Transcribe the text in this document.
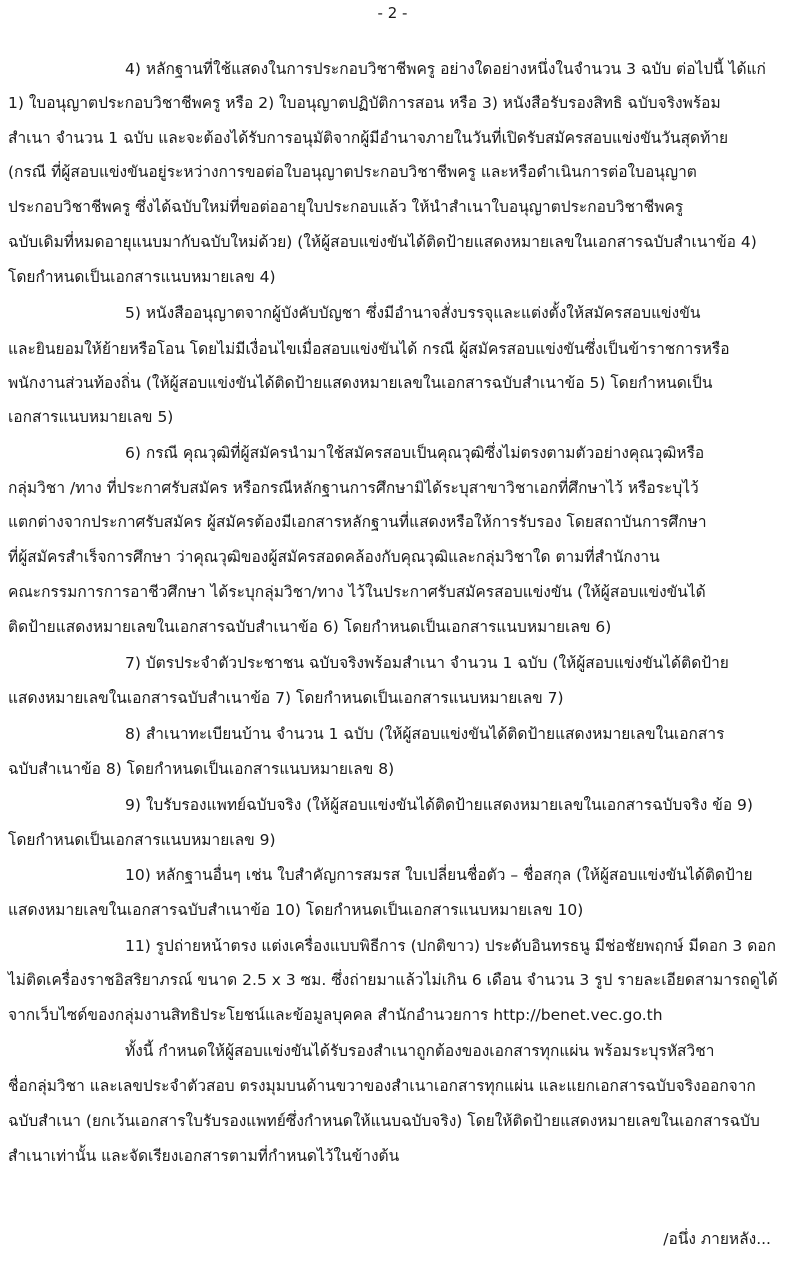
- 2 -
4) หลักฐานที่ใช้แสดงในการประกอบวิชาชีพครู อย่างใดอย่างหนึ่งในจำนวน 3 ฉบับ ต่อไปนี้ ได้แก่
1) ใบอนุญาตประกอบวิชาชีพครู หรือ 2) ใบอนุญาตปฏิบัติการสอน หรือ 3) หนังสือรับรองสิทธิ ฉบับจริงพร้อม
สำเนา จำนวน 1 ฉบับ และจะต้องได้รับการอนุมัติจากผู้มีอำนาจภายในวันที่เปิดรับสมัครสอบแข่งขันวันสุดท้าย
(กรณี ที่ผู้สอบแข่งขันอยู่ระหว่างการขอต่อใบอนุญาตประกอบวิชาชีพครู และหรือดำเนินการต่อใบอนุญาต
ประกอบวิชาชีพครู ซึ่งได้ฉบับใหม่ที่ขอต่ออายุใบประกอบแล้ว ให้นำสำเนาใบอนุญาตประกอบวิชาชีพครู
ฉบับเดิมที่หมดอายุแนบมากับฉบับใหม่ด้วย) (ให้ผู้สอบแข่งขันได้ติดป้ายแสดงหมายเลขในเอกสารฉบับสำเนาข้อ 4)
โดยกำหนดเป็นเอกสารแนบหมายเลข 4)
5) หนังสืออนุญาตจากผู้บังคับบัญชา ซึ่งมีอำนาจสั่งบรรจุและแต่งตั้งให้สมัครสอบแข่งขัน
และยินยอมให้ย้ายหรือโอน โดยไม่มีเงื่อนไขเมื่อสอบแข่งขันได้ กรณี ผู้สมัครสอบแข่งขันซึ่งเป็นข้าราชการหรือ
พนักงานส่วนท้องถิ่น (ให้ผู้สอบแข่งขันได้ติดป้ายแสดงหมายเลขในเอกสารฉบับสำเนาข้อ 5) โดยกำหนดเป็น
เอกสารแนบหมายเลข 5)
6) กรณี คุณวุฒิที่ผู้สมัครนำมาใช้สมัครสอบเป็นคุณวุฒิซึ่งไม่ตรงตามตัวอย่างคุณวุฒิหรือ
กลุ่มวิชา /ทาง ที่ประกาศรับสมัคร หรือกรณีหลักฐานการศึกษามิได้ระบุสาขาวิชาเอกที่ศึกษาไว้ หรือระบุไว้
แตกต่างจากประกาศรับสมัคร ผู้สมัครต้องมีเอกสารหลักฐานที่แสดงหรือให้การรับรอง โดยสถาบันการศึกษา
ที่ผู้สมัครสำเร็จการศึกษา ว่าคุณวุฒิของผู้สมัครสอดคล้องกับคุณวุฒิและกลุ่มวิชาใด ตามที่สำนักงาน
คณะกรรมการการอาชีวศึกษา ได้ระบุกลุ่มวิชา/ทาง ไว้ในประกาศรับสมัครสอบแข่งขัน (ให้ผู้สอบแข่งขันได้
ติดป้ายแสดงหมายเลขในเอกสารฉบับสำเนาข้อ 6) โดยกำหนดเป็นเอกสารแนบหมายเลข 6)
7) บัตรประจำตัวประชาชน ฉบับจริงพร้อมสำเนา จำนวน 1 ฉบับ (ให้ผู้สอบแข่งขันได้ติดป้าย
แสดงหมายเลขในเอกสารฉบับสำเนาข้อ 7) โดยกำหนดเป็นเอกสารแนบหมายเลข 7)
8) สำเนาทะเบียนบ้าน จำนวน 1 ฉบับ (ให้ผู้สอบแข่งขันได้ติดป้ายแสดงหมายเลขในเอกสาร
ฉบับสำเนาข้อ 8) โดยกำหนดเป็นเอกสารแนบหมายเลข 8)
9) ใบรับรองแพทย์ฉบับจริง (ให้ผู้สอบแข่งขันได้ติดป้ายแสดงหมายเลขในเอกสารฉบับจริง ข้อ 9)
โดยกำหนดเป็นเอกสารแนบหมายเลข 9)
10) หลักฐานอื่นๆ เช่น ใบสำคัญการสมรส ใบเปลี่ยนชื่อตัว – ชื่อสกุล (ให้ผู้สอบแข่งขันได้ติดป้าย
แสดงหมายเลขในเอกสารฉบับสำเนาข้อ 10) โดยกำหนดเป็นเอกสารแนบหมายเลข 10)
11) รูปถ่ายหน้าตรง แต่งเครื่องแบบพิธีการ (ปกติขาว) ประดับอินทรธนู มีช่อชัยพฤกษ์ มีดอก 3 ดอก
ไม่ติดเครื่องราชอิสริยาภรณ์ ขนาด 2.5 x 3 ซม. ซึ่งถ่ายมาแล้วไม่เกิน 6 เดือน จำนวน 3 รูป รายละเอียดสามารถดูได้
จากเว็บไซด์ของกลุ่มงานสิทธิประโยชน์และข้อมูลบุคคล สำนักอำนวยการ http://benet.vec.go.th
ทั้งนี้ กำหนดให้ผู้สอบแข่งขันได้รับรองสำเนาถูกต้องของเอกสารทุกแผ่น พร้อมระบุรหัสวิชา
ชื่อกลุ่มวิชา และเลขประจำตัวสอบ ตรงมุมบนด้านขวาของสำเนาเอกสารทุกแผ่น และแยกเอกสารฉบับจริงออกจาก
ฉบับสำเนา (ยกเว้นเอกสารใบรับรองแพทย์ซึ่งกำหนดให้แนบฉบับจริง) โดยให้ติดป้ายแสดงหมายเลขในเอกสารฉบับ
สำเนาเท่านั้น และจัดเรียงเอกสารตามที่กำหนดไว้ในข้างต้น
/อนึ่ง ภายหลัง...
